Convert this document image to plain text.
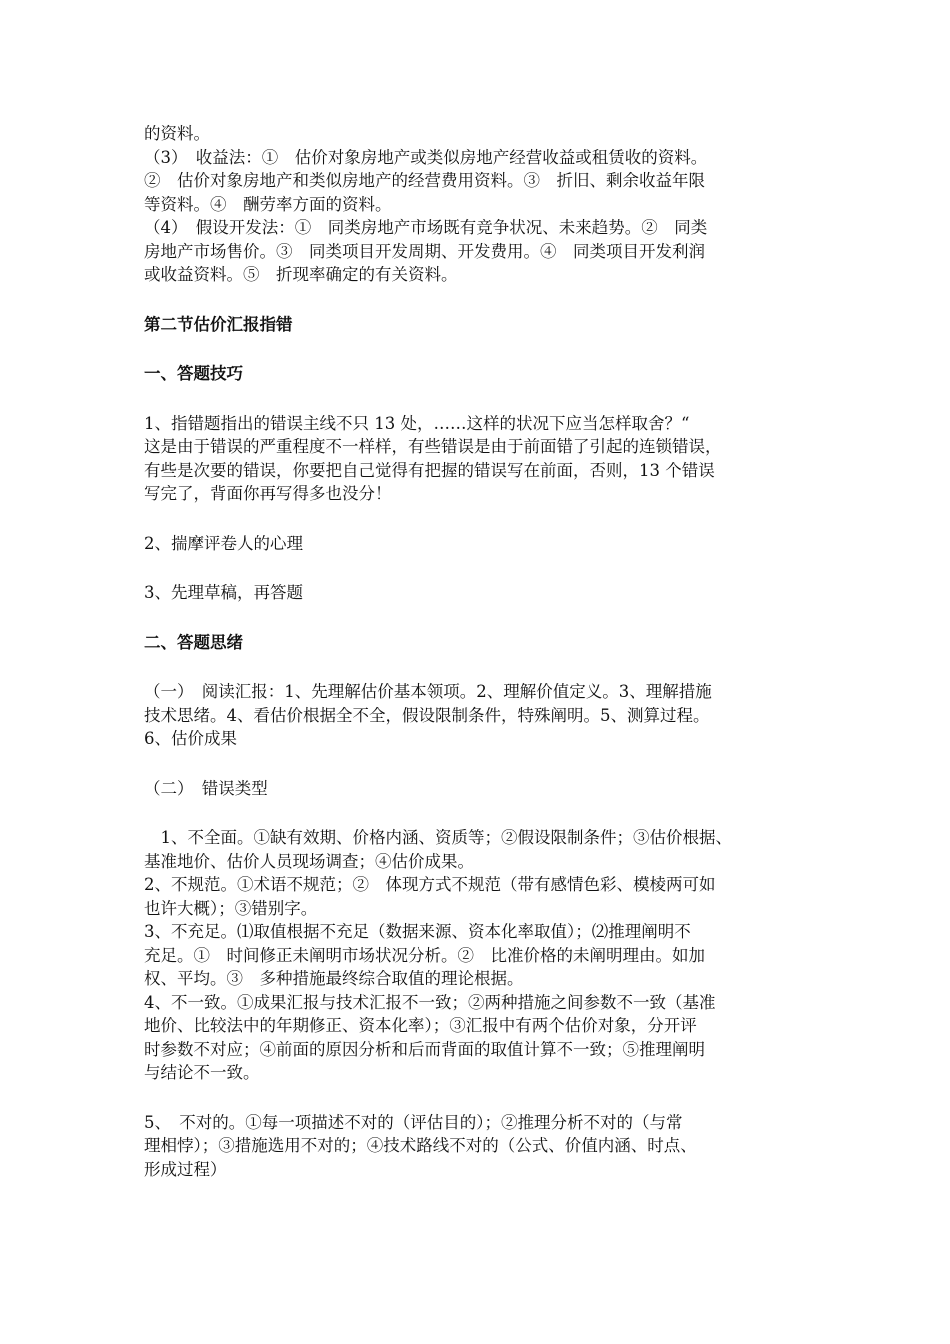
的资料。
（3）　收益法：①　估价对象房地产或类似房地产经营收益或租赁收的资料。
②　估价对象房地产和类似房地产的经营费用资料。③　折旧、剩余收益年限
等资料。④　酬劳率方面的资料。
（4）　假设开发法：①　同类房地产市场既有竞争状况、未来趋势。②　同类
房地产市场售价。③　同类项目开发周期、开发费用。④　同类项目开发利润
或收益资料。⑤　折现率确定的有关资料。
第二节估价汇报指错
一、答题技巧
1、指错题指出的错误主线不只 13 处，……这样的状况下应当怎样取舍？“
这是由于错误的严重程度不一样样，有些错误是由于前面错了引起的连锁错误，
有些是次要的错误，你要把自己觉得有把握的错误写在前面，否则，13 个错误
写完了，背面你再写得多也没分！
2、揣摩评卷人的心理
3、先理草稿，再答题
二、答题思绪
（一）　阅读汇报：1、先理解估价基本领项。2、理解价值定义。3、理解措施
技术思绪。4、看估价根据全不全，假设限制条件，特殊阐明。5、测算过程。
6、估价成果
（二）　错误类型
　1、不全面。①缺有效期、价格内涵、资质等；②假设限制条件；③估价根据、
基准地价、估价人员现场调查；④估价成果。
2、不规范。①术语不规范；②　体现方式不规范（带有感情色彩、模棱两可如
也许大概）；③错别字。
3、不充足。⑴取值根据不充足（数据来源、资本化率取值）；⑵推理阐明不
充足。①　时间修正未阐明市场状况分析。②　比准价格的未阐明理由。如加
权、平均。③　多种措施最终综合取值的理论根据。
4、不一致。①成果汇报与技术汇报不一致；②两种措施之间参数不一致（基准
地价、比较法中的年期修正、资本化率）；③汇报中有两个估价对象，分开评
时参数不对应；④前面的原因分析和后而背面的取值计算不一致；⑤推理阐明
与结论不一致。
5、　不对的。①每一项描述不对的（评估目的）；②推理分析不对的（与常
理相悖）；③措施选用不对的；④技术路线不对的（公式、价值内涵、时点、
形成过程）
